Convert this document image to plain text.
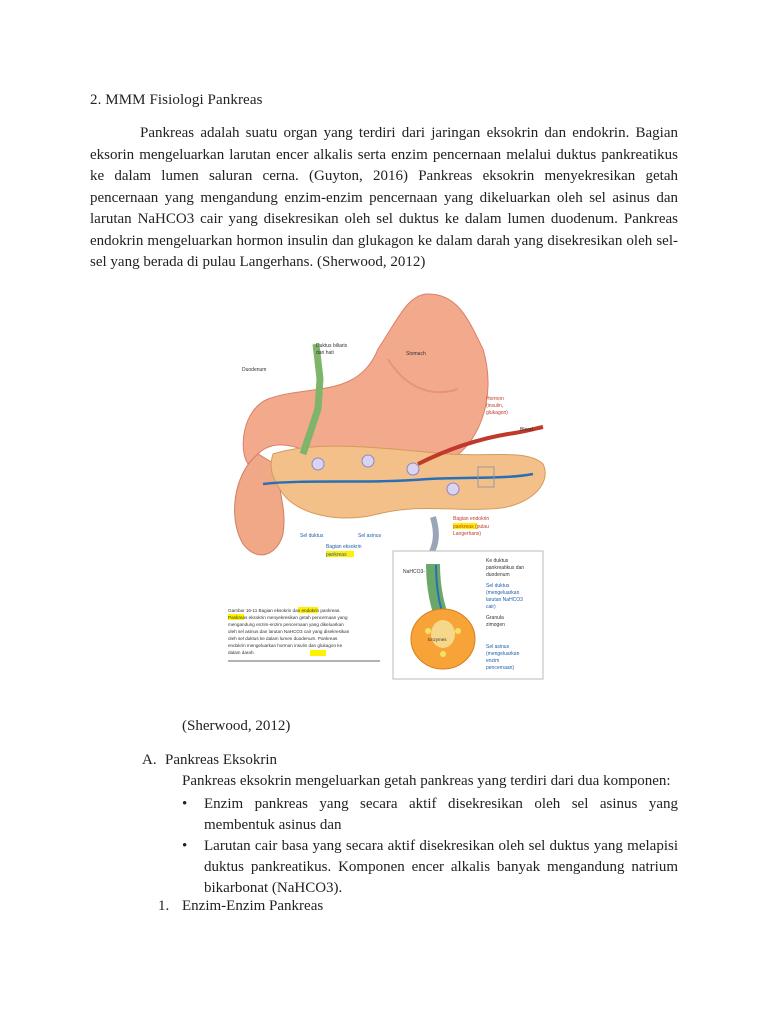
2. MMM Fisiologi Pankreas

Pankreas adalah suatu organ yang terdiri dari jaringan eksokrin dan endokrin. Bagian eksorin mengeluarkan larutan encer alkalis serta enzim pencernaan melalui duktus pankreatikus ke dalam lumen saluran cerna. (Guyton, 2016) Pankreas eksokrin menyekresikan getah pencernaan yang mengandung enzim-enzim pencernaan yang dikeluarkan oleh sel asinus dan larutan NaHCO3 cair yang disekresikan oleh sel duktus ke dalam lumen duodenum. Pankreas endokrin mengeluarkan hormon insulin dan glukagon ke dalam darah yang disekresikan oleh sel-sel yang berada di pulau Langerhans. (Sherwood, 2012)

Duktus biliaris
dari hati	Stomach
Duodenum
Hormon
(insulin,
glukagon)
Blood
Bagian endokrin
pankreas (pulau
Langerhans)
Sel duktus	Sel asinus
Bagian eksokrin
pankreas
NaHCO3-
Enzymes
Ke duktus
pankreatikus dan
duodenum
Sel duktus
(mengeluarkan
larutan NaHCO3
cair)
Granula
zimogen
Sel asinus
(mengeluarkan
enzim
pencernaan)
Gambar 16-11 Bagian eksokrin dan endokrin pankreas.
Pankreas eksokrin menyekresikan getah pencernaan yang
mengandung enzim-enzim pencernaan yang dikeluarkan
oleh sel asinus dan larutan NaHCO3 cair yang disekresikan
oleh sel duktus ke dalam lumen duodenum. Pankreas
endokrin mengeluarkan hormon insulin dan glukagon ke
dalam darah.
(Sherwood, 2012)
A. Pankreas Eksokrin
Pankreas eksokrin mengeluarkan getah pankreas yang terdiri dari dua komponen:
• Enzim pankreas yang secara aktif disekresikan oleh sel asinus yang membentuk asinus dan
• Larutan cair basa yang secara aktif disekresikan oleh sel duktus yang melapisi duktus pankreatikus. Komponen encer alkalis banyak mengandung natrium bikarbonat (NaHCO3).
1. Enzim-Enzim Pankreas
